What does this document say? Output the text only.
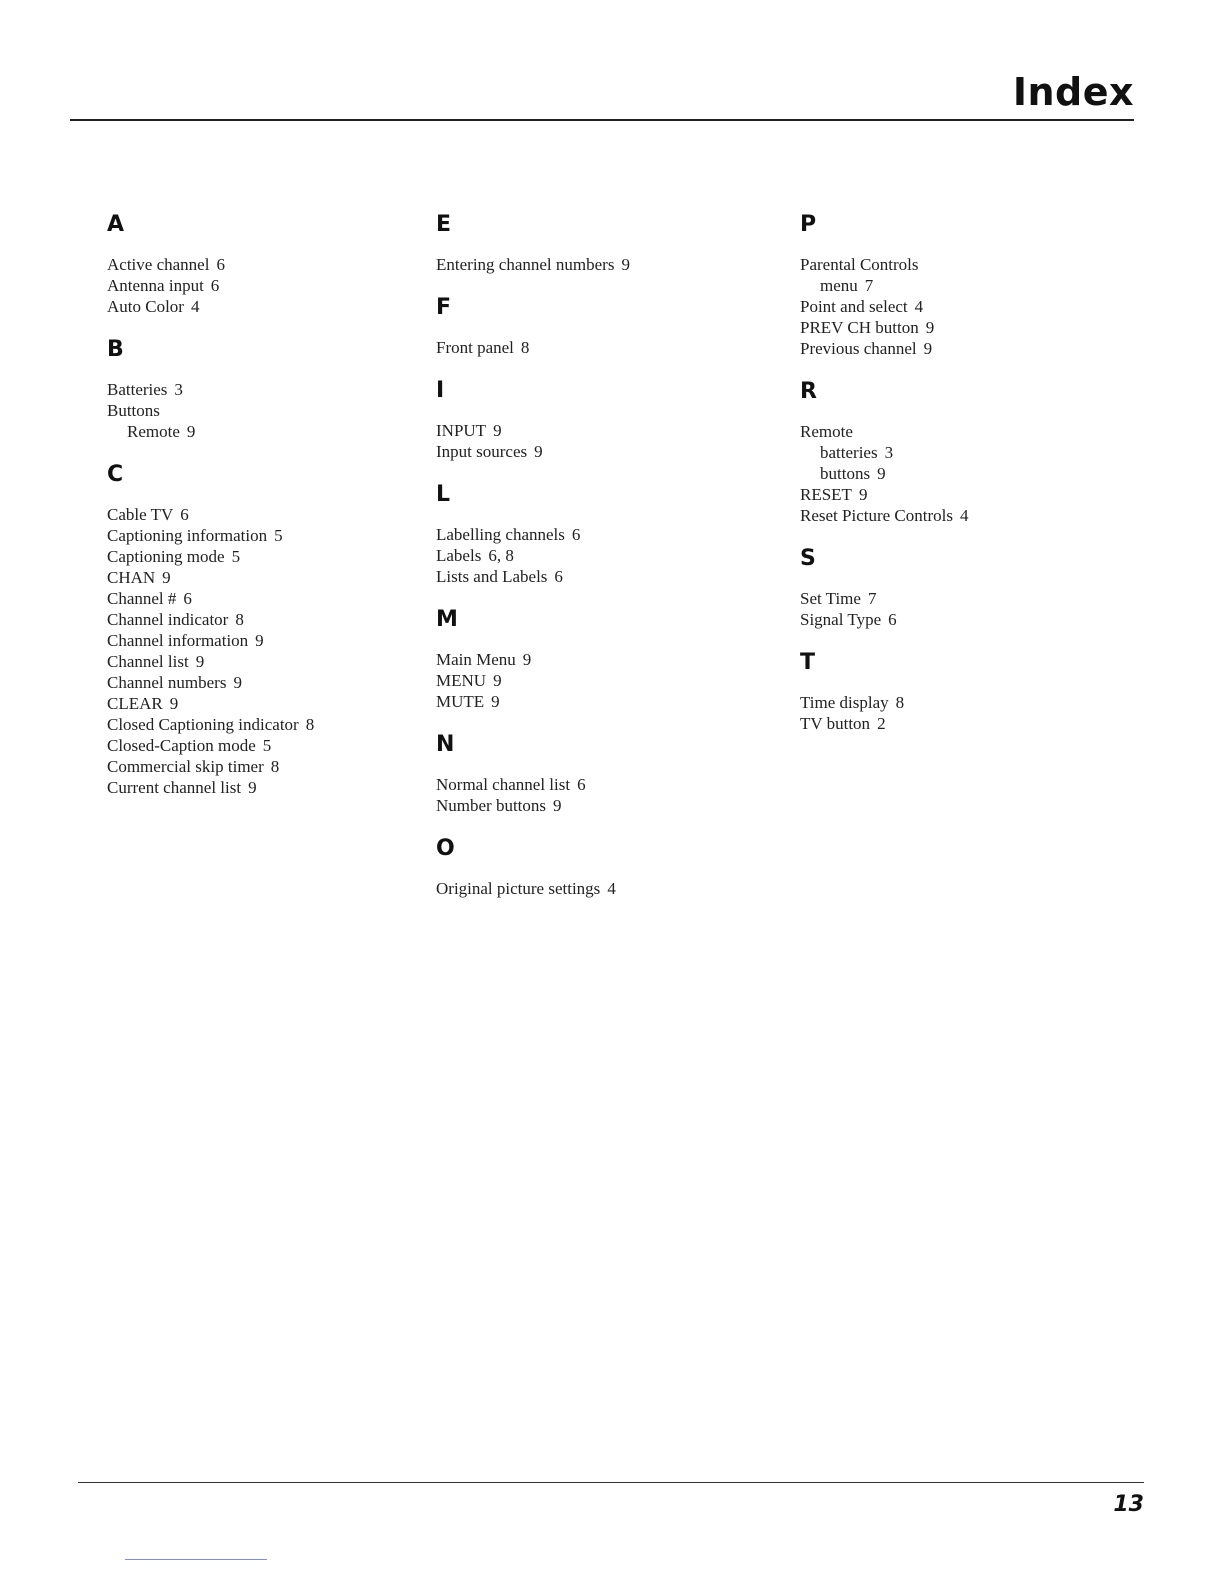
Index
A
Active channel 6
Antenna input 6
Auto Color 4
B
Batteries 3
Buttons
Remote 9
C
Cable TV 6
Captioning information 5
Captioning mode 5
CHAN 9
Channel # 6
Channel indicator 8
Channel information 9
Channel list 9
Channel numbers 9
CLEAR 9
Closed Captioning indicator 8
Closed-Caption mode 5
Commercial skip timer 8
Current channel list 9
E
Entering channel numbers 9
F
Front panel 8
I
INPUT 9
Input sources 9
L
Labelling channels 6
Labels 6, 8
Lists and Labels 6
M
Main Menu 9
MENU 9
MUTE 9
N
Normal channel list 6
Number buttons 9
O
Original picture settings 4
P
Parental Controls
menu 7
Point and select 4
PREV CH button 9
Previous channel 9
R
Remote
batteries 3
buttons 9
RESET 9
Reset Picture Controls 4
S
Set Time 7
Signal Type 6
T
Time display 8
TV button 2
13
